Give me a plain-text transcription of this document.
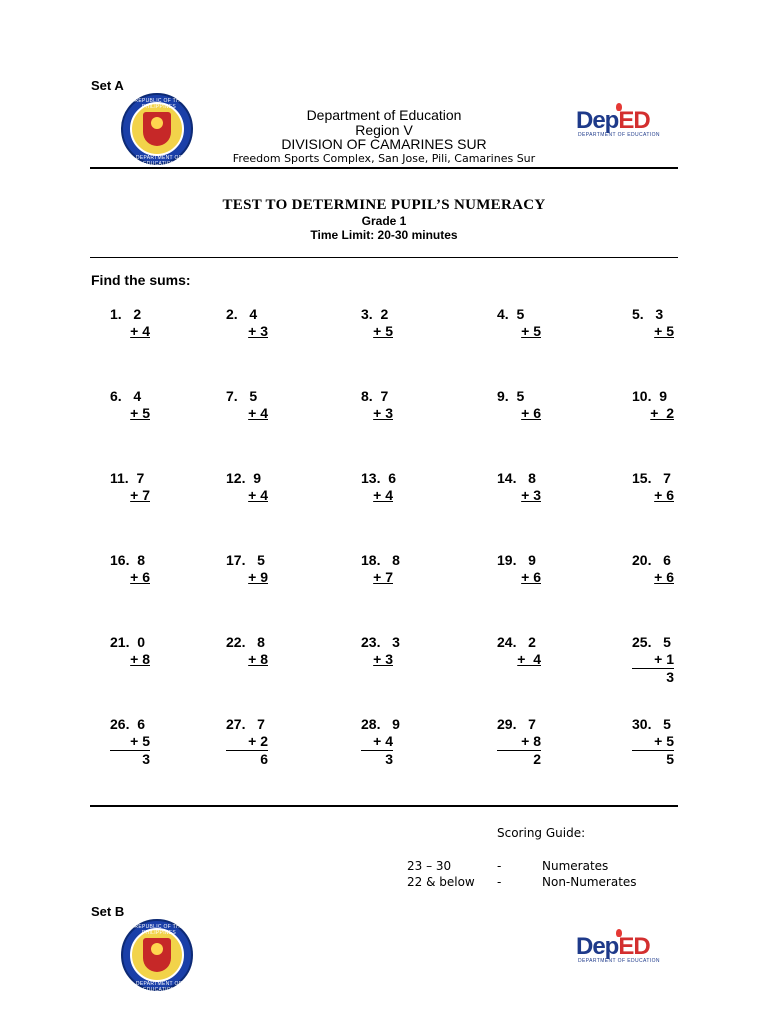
Set A
REPUBLIC OF THE PHILIPPINES
DEPARTMENT OF EDUCATION
Department of Education
Region V
DIVISION OF CAMARINES SUR
Freedom Sports Complex, San Jose, Pili, Camarines Sur
DepED
DEPARTMENT OF EDUCATION
TEST TO DETERMINE PUPIL’S NUMERACY
Grade 1
Time Limit: 20-30 minutes
Find the sums:
1.   2
+ 4
2.   4
+ 3
3.  2
+ 5
4.  5
+ 5
5.   3
+ 5
6.   4
+ 5
7.   5
+ 4
8.  7
+ 3
9.  5
+ 6
10.  9
+  2
11.  7
+ 7
12.  9
+ 4
13.  6
+ 4
14.   8
+ 3
15.   7
+ 6
16.  8
+ 6
17.   5
+ 9
18.   8
+ 7
19.   9
+ 6
20.   6
+ 6
21.  0
+ 8
22.   8
+ 8
23.   3
+ 3
24.   2
+  4
25.   5
+ 1
3
26.  6
+ 5
3
27.   7
+ 2
6
28.   9
+ 4
3
29.   7
+ 8
2
30.   5
+ 5
5
Scoring Guide:
23 – 30	-	Numerates
22 & below -	Non-Numerates
Set B
REPUBLIC OF THE PHILIPPINES
DEPARTMENT OF EDUCATION
DepED
DEPARTMENT OF EDUCATION
